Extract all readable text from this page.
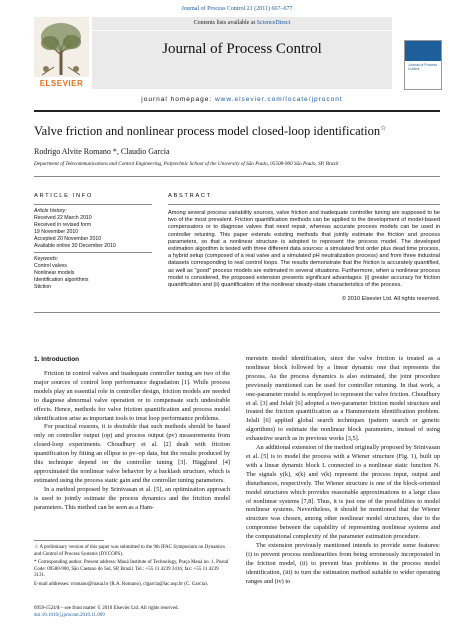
Journal of Process Control 21 (2011) 667–677
ELSEVIER
Contents lists available at ScienceDirect
Journal of Process Control
journal homepage: www.elsevier.com/locate/jprocont
Journal of Process Control
Valve friction and nonlinear process model closed-loop identification☆
Rodrigo Alvite Romano *, Claudio Garcia
Department of Telecommunications and Control Engineering, Polytechnic School of the University of São Paulo, 05508-900 São Paulo, SP, Brazil
ARTICLE INFO
Article history:
Received 22 March 2010
Received in revised form
19 November 2010
Accepted 20 November 2010
Available online 30 December 2010
Keywords:
Control valves
Nonlinear models
Identification algorithms
Stiction
ABSTRACT
Among several process variability sources, valve friction and inadequate controller tuning are supposed to be two of the most prevalent. Friction quantification methods can be applied to the development of model-based compensators or to diagnose valves that need repair, whereas accurate process models can be used in controller retuning. This paper extends existing methods that jointly estimate the friction and process parameters, so that a nonlinear structure is adopted to represent the process model. The developed estimation algorithm is tested with three different data sources: a simulated first order plus dead time process, a hybrid setup (composed of a real valve and a simulated pH neutralization process) and from three industrial datasets corresponding to real control loops. The results demonstrate that the friction is accurately quantified, as well as "good" process models are estimated in several situations. Furthermore, when a nonlinear process model is considered, the proposed extension presents significant advantages: (i) greater accuracy for friction quantification and (ii) quantification of the nonlinear steady-state characteristics of the process.
© 2010 Elsevier Ltd. All rights reserved.
1. Introduction

Friction in control valves and inadequate controller tuning are two of the major sources of control loop performance degradation [1]. While process models play an essential role in controller design, friction models are needed to diagnose abnormal valve operation or to compensate such undesirable effects. Hence, methods for valve friction quantification and process model identification arise as important tools to treat loop performance problems.

For practical reasons, it is desirable that such methods should be based only on controller output (op) and process output (pv) measurements from closed-loop experiments. Choudhury et al. [2] dealt with friction quantification by fitting an ellipse to pv–op data, but the results produced by this technique depend on the controller tuning [3]. Hägglund [4] approximated the nonlinear valve behavior by a backlash structure, which is estimated using the process static gain and the controller tuning parameters.

In a method proposed by Srinivasan et al. [5], an optimization approach is used to jointly estimate the process dynamics and the friction model parameters. This method can be seen as a Ham-

merstein model identification, since the valve friction is treated as a nonlinear block followed by a linear dynamic one that represents the process. As the process dynamics is also estimated, the joint procedure previously mentioned can be used for controller retuning. In that work, a one-parameter model is employed to represent the valve friction. Choudhury et al. [3] and Jelali [6] adopted a two-parameter friction model structure and treated the friction quantification as a Hammerstein identification problem. Jelali [6] applied global search techniques (pattern search or genetic algorithms) to estimate the nonlinear block parameters, instead of using exhaustive search as in previous works [3,5].

An additional extension of the method originally proposed by Srinivasan et al. [5] is to model the process with a Wiener structure (Fig. 1), built up with a linear dynamic block L connected to a nonlinear static function N. The signals y(k), x(k) and v(k) represent the process input, output and disturbances, respectively. The Wiener structure is one of the block-oriented model structures which provides reasonable approximations to a large class of nonlinear systems [7,8]. Thus, it is just one of the possibilities to model nonlinear systems. Nevertheless, it should be mentioned that the Wiener structure was chosen, among other nonlinear model structures, due to the compromise between the capability of representing nonlinear systems and the computational complexity of the parameter estimation procedure.

The extension previously mentioned intends to provide some features: (i) to prevent process nonlinearities from being erroneously incorporated in the friction model, (ii) to prevent bias problems in the process model identification, (iii) to turn the estimation method suitable to wider operating ranges and (iv) to

☆ A preliminary version of this paper was submitted to the 9th IFAC Symposium on Dynamics and Control of Process Systems (DYCOPS).

* Corresponding author. Present address: Mauá Institute of Technology, Praça Mauá no. 1, Postal Code: 09580-900, São Caetano do Sul, SP, Brazil. Tel.: +55 11 4239 3416; fax: +55 11 4239 3131.

E-mail addresses: rromano@maua.br (R.A. Romano), clgarcia@lac.usp.br (C. Garcia).

0959-1524/$ – see front matter © 2010 Elsevier Ltd. All rights reserved.
doi:10.1016/j.jprocont.2010.11.009
